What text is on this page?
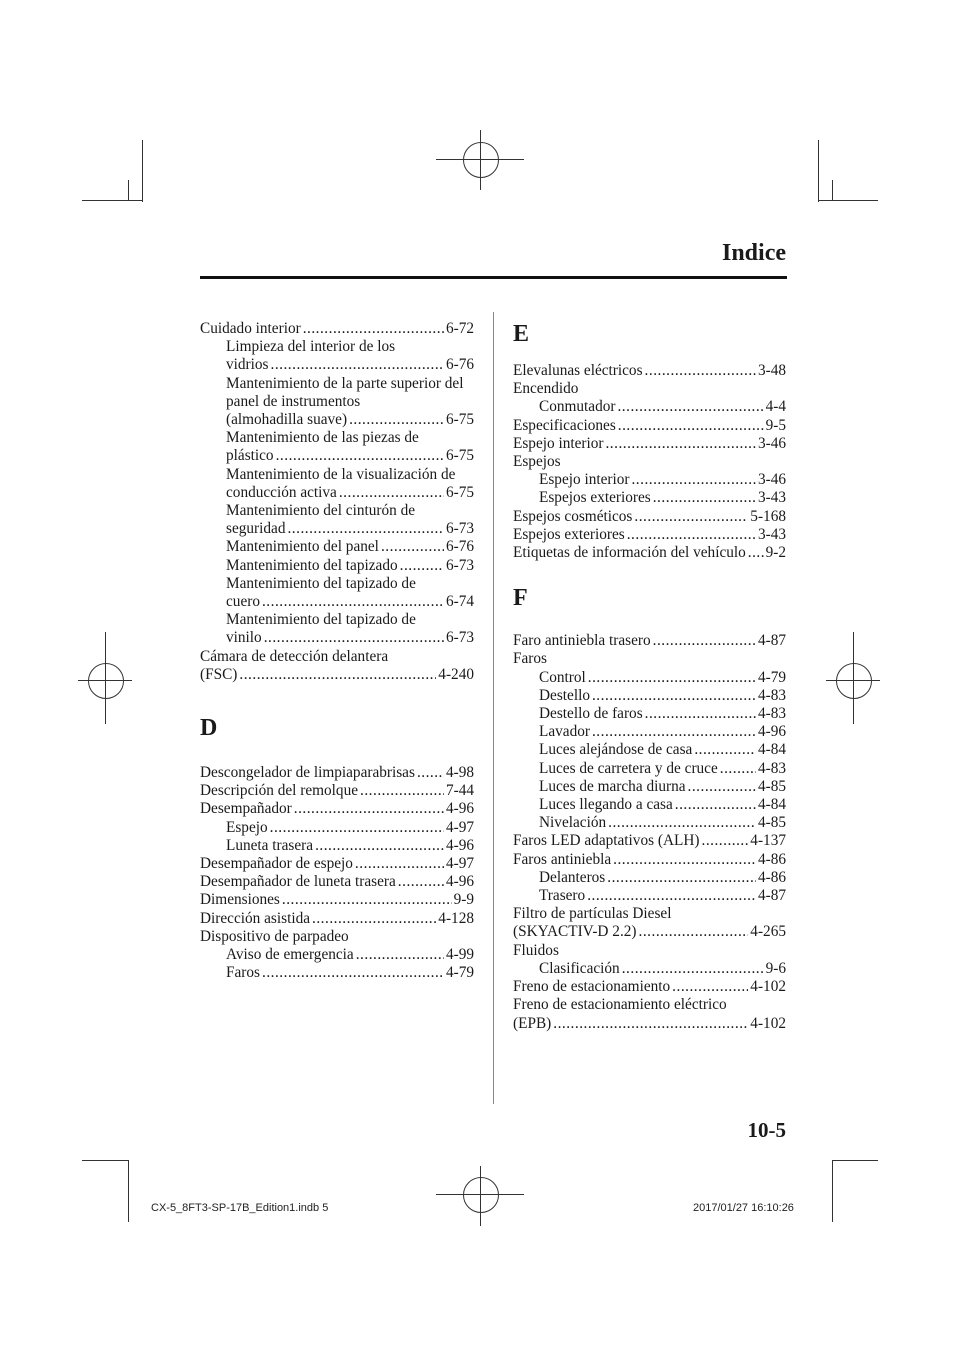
Indice
Cuidado interior .....	6-72
Limpieza del interior de los
vidrios .....	6-76
Mantenimiento de la parte superior del
panel de instrumentos
(almohadilla suave) .....	6-75
Mantenimiento de las piezas de
plástico .....	6-75
Mantenimiento de la visualización de
conducción activa .....	6-75
Mantenimiento del cinturón de
seguridad .....	6-73
Mantenimiento del panel .....	6-76
Mantenimiento del tapizado .....	6-73
Mantenimiento del tapizado de
cuero .....	6-74
Mantenimiento del tapizado de
vinilo .....	6-73
Cámara de detección delantera
(FSC) .....	4-240
D
Descongelador de limpiaparabrisas ..... 4-98
Descripción del remolque .....	7-44
Desempañador .....	4-96
Espejo .....	4-97
Luneta trasera .....	4-96
Desempañador de espejo .....	4-97
Desempañador de luneta trasera .....	4-96
Dimensiones .....	9-9
Dirección asistida .....	4-128
Dispositivo de parpadeo
Aviso de emergencia .....	4-99
Faros .....	4-79
E
Elevalunas eléctricos .....	3-48
Encendido
Conmutador .....	4-4
Especificaciones .....	9-5
Espejo interior .....	3-46
Espejos
Espejo interior .....	3-46
Espejos exteriores .....	3-43
Espejos cosméticos .....	5-168
Espejos exteriores .....	3-43
Etiquetas de información del vehículo ..... 9-2
F
Faro antiniebla trasero .....	4-87
Faros
Control .....	4-79
Destello .....	4-83
Destello de faros .....	4-83
Lavador .....	4-96
Luces alejándose de casa .....	4-84
Luces de carretera y de cruce .....	4-83
Luces de marcha diurna .....	4-85
Luces llegando a casa .....	4-84
Nivelación .....	4-85
Faros LED adaptativos (ALH) .....	4-137
Faros antiniebla .....	4-86
Delanteros .....	4-86
Trasero .....	4-87
Filtro de partículas Diesel
(SKYACTIV-D 2.2) .....	4-265
Fluidos
Clasificación .....	9-6
Freno de estacionamiento .....	4-102
Freno de estacionamiento eléctrico
(EPB) .....	4-102
10-5
CX-5_8FT3-SP-17B_Edition1.indb 5	2017/01/27 16:10:26
